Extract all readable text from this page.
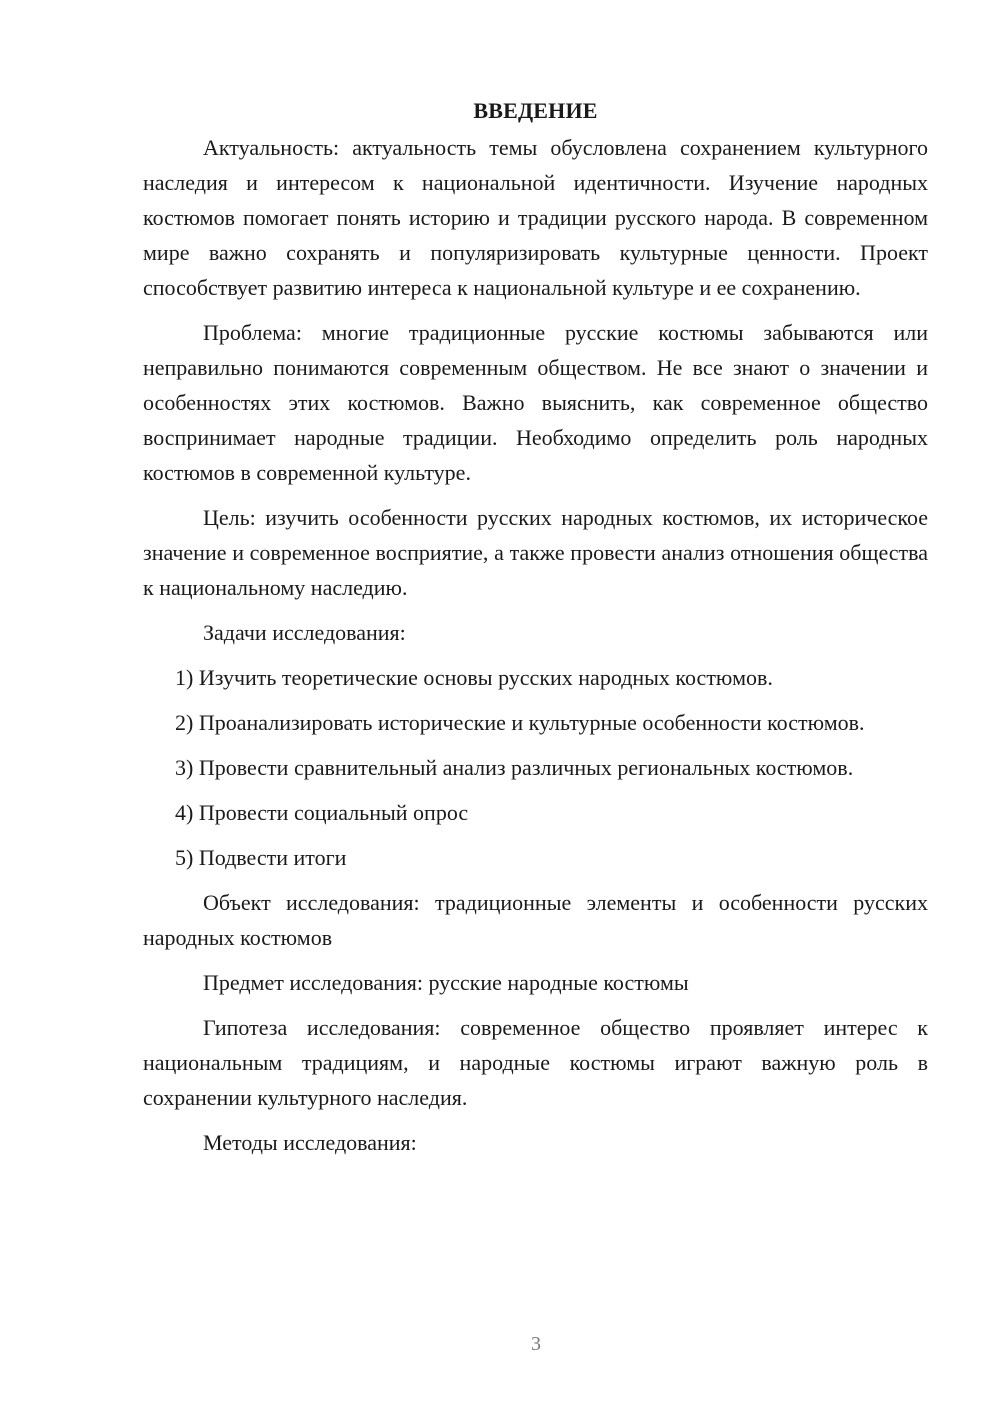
ВВЕДЕНИЕ

Актуальность: актуальность темы обусловлена сохранением культурного наследия и интересом к национальной идентичности. Изучение народных костюмов помогает понять историю и традиции русского народа. В современном мире важно сохранять и популяризировать культурные ценности. Проект способствует развитию интереса к национальной культуре и ее сохранению.

Проблема: многие традиционные русские костюмы забываются или неправильно понимаются современным обществом. Не все знают о значении и особенностях этих костюмов. Важно выяснить, как современное общество воспринимает народные традиции. Необходимо определить роль народных костюмов в современной культуре.

Цель: изучить особенности русских народных костюмов, их историческое значение и современное восприятие, а также провести анализ отношения общества к национальному наследию.

Задачи исследования:

1) Изучить теоретические основы русских народных костюмов.

2) Проанализировать исторические и культурные особенности костюмов.

3) Провести сравнительный анализ различных региональных костюмов.

4) Провести социальный опрос

5) Подвести итоги

Объект исследования: традиционные элементы и особенности русских народных костюмов

Предмет исследования: русские народные костюмы

Гипотеза исследования: современное общество проявляет интерес к национальным традициям, и народные костюмы играют важную роль в сохранении культурного наследия.

Методы исследования:

3
